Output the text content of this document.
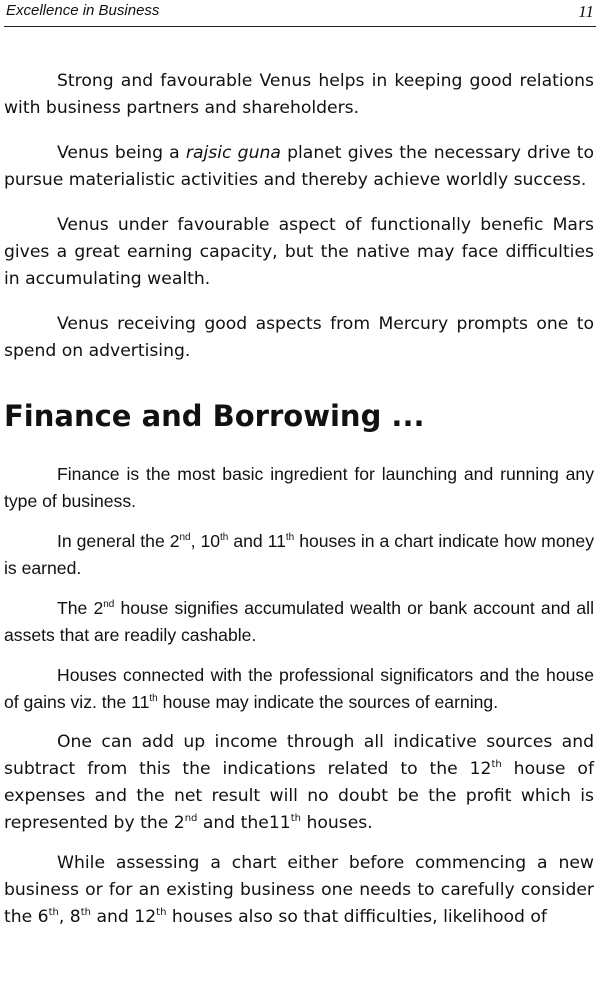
Excellence in Business	11

Strong and favourable Venus helps in keeping good relations with business partners and shareholders.

Venus being a rajsic guna planet gives the necessary drive to pursue materialistic activities and thereby achieve worldly success.

Venus under favourable aspect of functionally benefic Mars gives a great earning capacity, but the native may face difficulties in accumulating wealth.

Venus receiving good aspects from Mercury prompts one to spend on advertising.

Finance and Borrowing ...

Finance is the most basic ingredient for launching and running any type of business.

In general the 2nd, 10th and 11th houses in a chart indicate how money is earned.

The 2nd house signifies accumulated wealth or bank account and all assets that are readily cashable.

Houses connected with the professional significators and the house of gains viz. the 11th house may indicate the sources of earning.

One can add up income through all indicative sources and subtract from this the indications related to the 12th house of expenses and the net result will no doubt be the profit which is represented by the 2nd and the11th houses.

While assessing a chart either before commencing a new business or for an existing business one needs to carefully consider the 6th, 8th and 12th houses also so that difficulties, likelihood of
